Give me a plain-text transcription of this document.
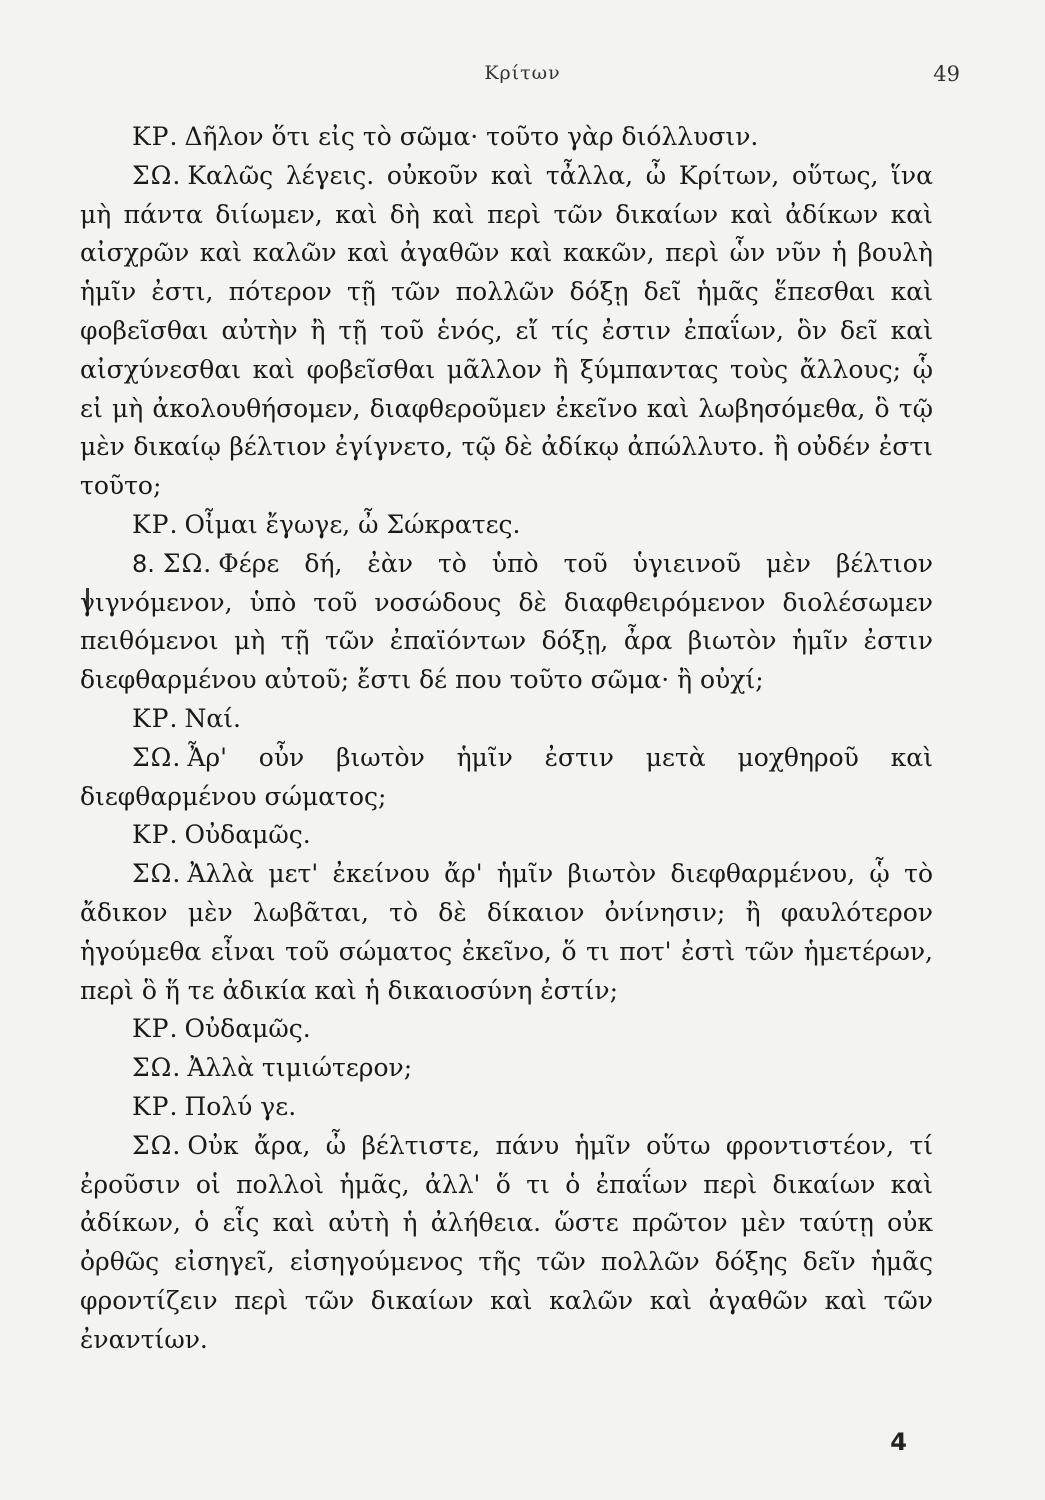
Κρίτων	49

ΚΡ. Δῆλον ὅτι εἰς τὸ σῶμα· τοῦτο γὰρ διόλλυσιν.

ΣΩ. Καλῶς λέγεις. οὐκοῦν καὶ τἆλλα, ὦ Κρίτων, οὕτως, ἵνα μὴ πάντα διίωμεν, καὶ δὴ καὶ περὶ τῶν δικαίων καὶ ἀδίκων καὶ αἰσχρῶν καὶ καλῶν καὶ ἀγαθῶν καὶ κακῶν, περὶ ὧν νῦν ἡ βουλὴ ἡμῖν ἐστι, πότερον τῇ τῶν πολλῶν δόξῃ δεῖ ἡμᾶς ἕπεσθαι καὶ φοβεῖσθαι αὐτὴν ἢ τῇ τοῦ ἑνός, εἴ τίς ἐστιν ἐπαΐων, ὃν δεῖ καὶ αἰσχύνεσθαι καὶ φοβεῖσθαι μᾶλλον ἢ ξύμπαντας τοὺς ἄλλους; ᾧ εἰ μὴ ἀκολουθήσομεν, διαφθεροῦμεν ἐκεῖνο καὶ λωβησόμεθα, ὃ τῷ μὲν δικαίῳ βέλτιον ἐγίγνετο, τῷ δὲ ἀδίκῳ ἀπώλλυτο. ἢ οὐδέν ἐστι τοῦτο;

ΚΡ. Οἶμαι ἔγωγε, ὦ Σώκρατες.

8. ΣΩ. Φέρε δή, ἐὰν τὸ ὑπὸ τοῦ ὑγιεινοῦ μὲν βέλτιον γιγνόμενον, ὑπὸ τοῦ νοσώδους δὲ διαφθειρόμενον διολέσωμεν πειθόμενοι μὴ τῇ τῶν ἐπαϊόντων δόξῃ, ἆρα βιωτὸν ἡμῖν ἐστιν διεφθαρμένου αὐτοῦ; ἔστι δέ που τοῦτο σῶμα· ἢ οὐχί;

ΚΡ. Ναί.

ΣΩ. Ἆρ' οὖν βιωτὸν ἡμῖν ἐστιν μετὰ μοχθηροῦ καὶ διεφθαρμένου σώματος;

ΚΡ. Οὐδαμῶς.

ΣΩ. Ἀλλὰ μετ' ἐκείνου ἄρ' ἡμῖν βιωτὸν διεφθαρμένου, ᾧ τὸ ἄδικον μὲν λωβᾶται, τὸ δὲ δίκαιον ὀνίνησιν; ἢ φαυλότερον ἡγούμεθα εἶναι τοῦ σώματος ἐκεῖνο, ὅ τι ποτ' ἐστὶ τῶν ἡμετέρων, περὶ ὃ ἥ τε ἀδικία καὶ ἡ δικαιοσύνη ἐστίν;

ΚΡ. Οὐδαμῶς.

ΣΩ. Ἀλλὰ τιμιώτερον;

ΚΡ. Πολύ γε.

ΣΩ. Οὐκ ἄρα, ὦ βέλτιστε, πάνυ ἡμῖν οὕτω φροντιστέον, τί ἐροῦσιν οἱ πολλοὶ ἡμᾶς, ἀλλ' ὅ τι ὁ ἐπαΐων περὶ δικαίων καὶ ἀδίκων, ὁ εἷς καὶ αὐτὴ ἡ ἀλήθεια. ὥστε πρῶτον μὲν ταύτῃ οὐκ ὀρθῶς εἰσηγεῖ, εἰσηγούμενος τῆς τῶν πολλῶν δόξης δεῖν ἡμᾶς φροντίζειν περὶ τῶν δικαίων καὶ καλῶν καὶ ἀγαθῶν καὶ τῶν ἐναντίων.

4
